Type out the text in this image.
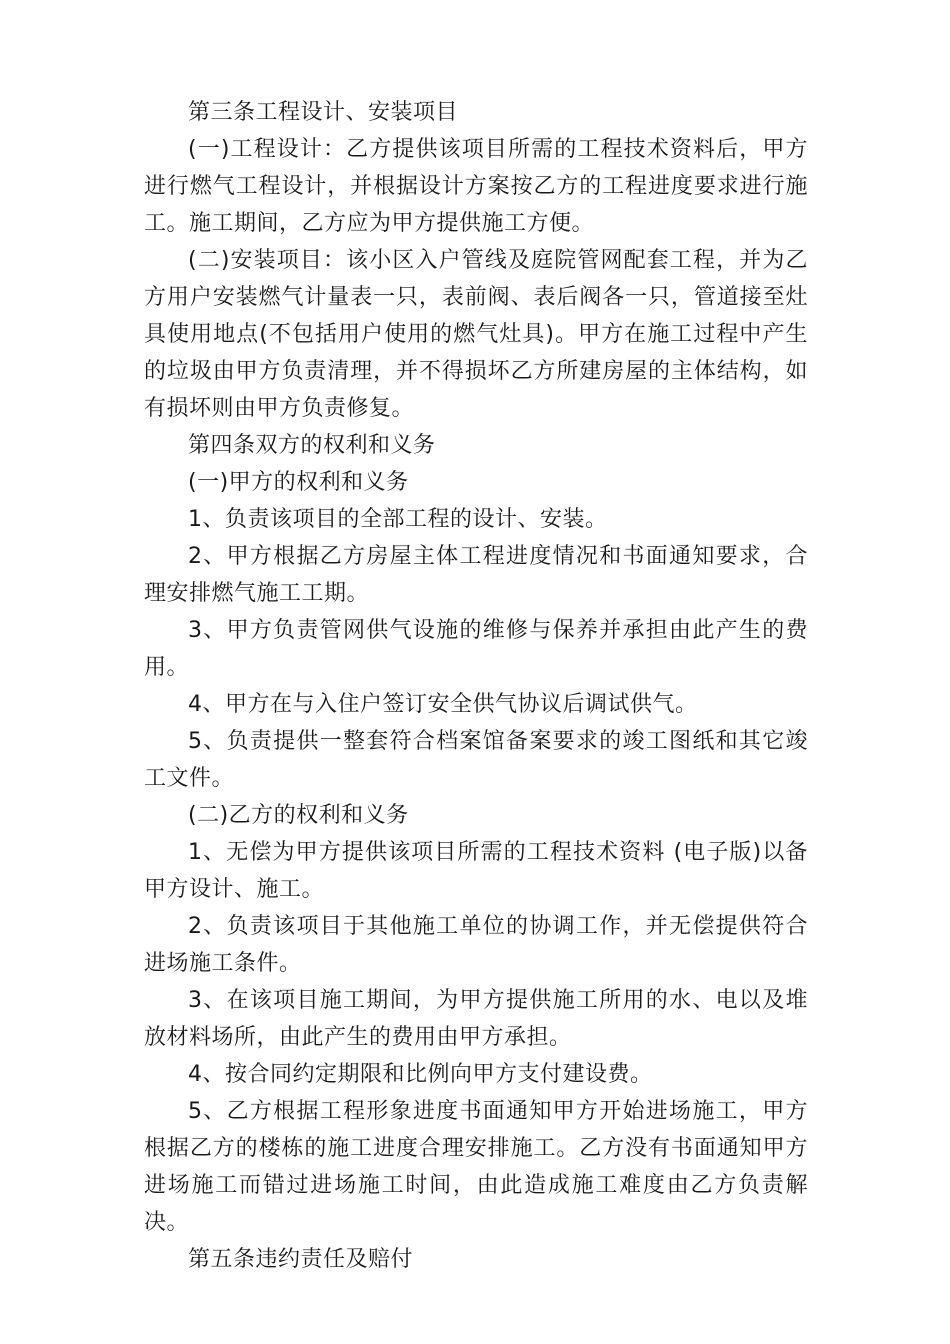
第三条工程设计、安装项目

(一)工程设计：乙方提供该项目所需的工程技术资料后，甲方进行燃气工程设计，并根据设计方案按乙方的工程进度要求进行施工。施工期间，乙方应为甲方提供施工方便。

(二)安装项目：该小区入户管线及庭院管网配套工程，并为乙方用户安装燃气计量表一只，表前阀、表后阀各一只，管道接至灶具使用地点(不包括用户使用的燃气灶具)。甲方在施工过程中产生的垃圾由甲方负责清理，并不得损坏乙方所建房屋的主体结构，如有损坏则由甲方负责修复。

第四条双方的权利和义务

(一)甲方的权利和义务

1、负责该项目的全部工程的设计、安装。

2、甲方根据乙方房屋主体工程进度情况和书面通知要求，合理安排燃气施工工期。

3、甲方负责管网供气设施的维修与保养并承担由此产生的费用。

4、甲方在与入住户签订安全供气协议后调试供气。

5、负责提供一整套符合档案馆备案要求的竣工图纸和其它竣工文件。

(二)乙方的权利和义务

1、无偿为甲方提供该项目所需的工程技术资料 (电子版)以备甲方设计、施工。

2、负责该项目于其他施工单位的协调工作，并无偿提供符合进场施工条件。

3、在该项目施工期间，为甲方提供施工所用的水、电以及堆放材料场所，由此产生的费用由甲方承担。

4、按合同约定期限和比例向甲方支付建设费。

5、乙方根据工程形象进度书面通知甲方开始进场施工，甲方根据乙方的楼栋的施工进度合理安排施工。乙方没有书面通知甲方进场施工而错过进场施工时间，由此造成施工难度由乙方负责解决。

第五条违约责任及赔付
